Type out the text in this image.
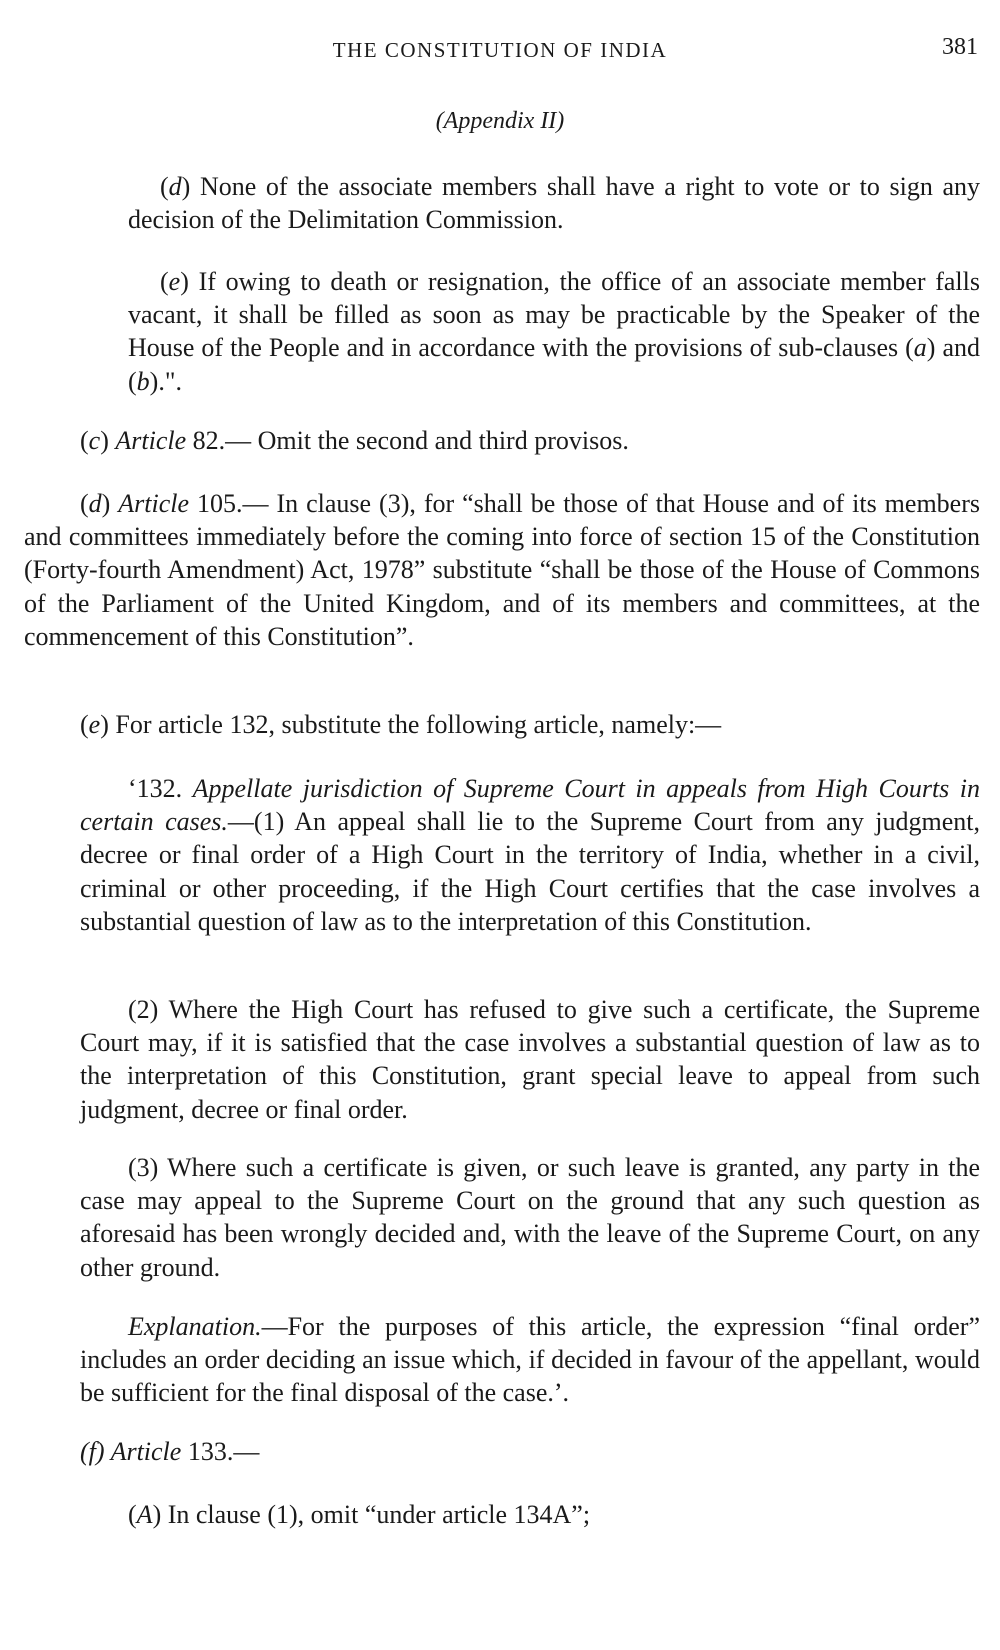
THE CONSTITUTION OF INDIA	381
(Appendix II)
(d) None of the associate members shall have a right to vote or to sign any decision of the Delimitation Commission.
(e) If owing to death or resignation, the office of an associate member falls vacant, it shall be filled as soon as may be practicable by the Speaker of the House of the People and in accordance with the provisions of sub-clauses (a) and (b).".
(c) Article 82.— Omit the second and third provisos.
(d) Article 105.— In clause (3), for “shall be those of that House and of its members and committees immediately before the coming into force of section 15 of the Constitution (Forty-fourth Amendment) Act, 1978” substitute “shall be those of the House of Commons of the Parliament of the United Kingdom, and of its members and committees, at the commencement of this Constitution”.
(e) For article 132, substitute the following article, namely:—
‘132. Appellate jurisdiction of Supreme Court in appeals from High Courts in certain cases.—(1) An appeal shall lie to the Supreme Court from any judgment, decree or final order of a High Court in the territory of India, whether in a civil, criminal or other proceeding, if the High Court certifies that the case involves a substantial question of law as to the interpretation of this Constitution.
(2) Where the High Court has refused to give such a certificate, the Supreme Court may, if it is satisfied that the case involves a substantial question of law as to the interpretation of this Constitution, grant special leave to appeal from such judgment, decree or final order.
(3) Where such a certificate is given, or such leave is granted, any party in the case may appeal to the Supreme Court on the ground that any such question as aforesaid has been wrongly decided and, with the leave of the Supreme Court, on any other ground.
Explanation.—For the purposes of this article, the expression “final order” includes an order deciding an issue which, if decided in favour of the appellant, would be sufficient for the final disposal of the case.’.
(f) Article 133.—
(A) In clause (1), omit “under article 134A”;
